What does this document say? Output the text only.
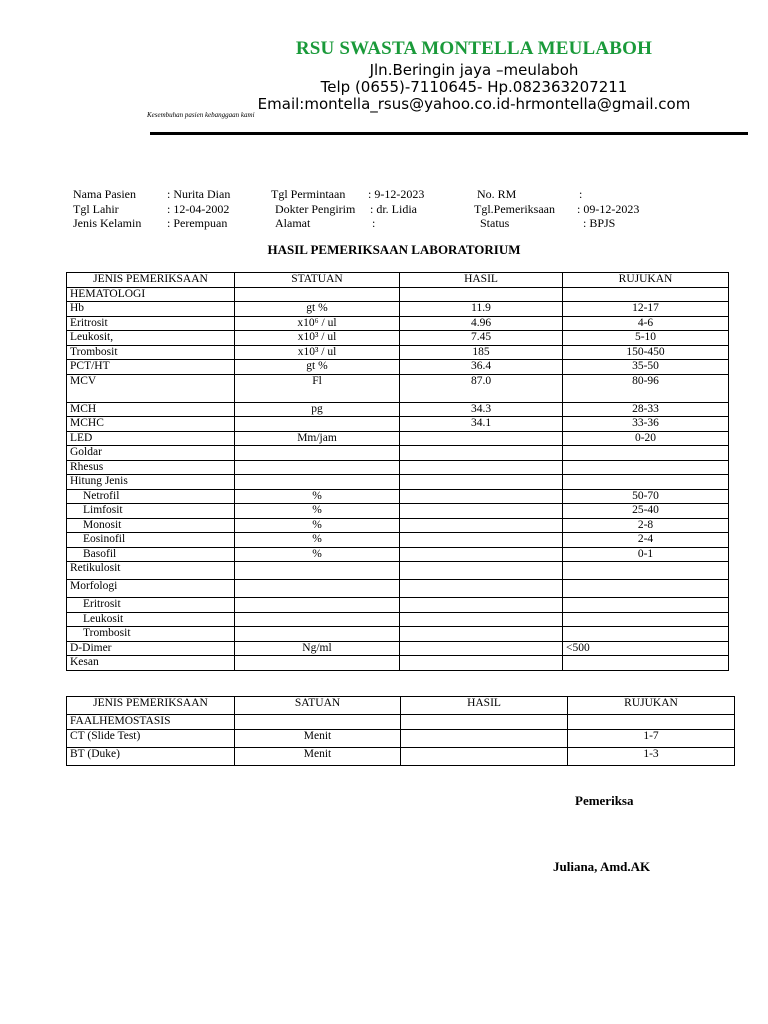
RSU SWASTA MONTELLA MEULABOH
Jln.Beringin jaya –meulaboh
Telp (0655)-7110645- Hp.082363207211
Email:montella_rsus@yahoo.co.id-hrmontella@gmail.com
Kesembuhan pasien kebanggaan kami
Nama Pasien	: Nurita Dian
Tgl Lahir	: 12-04-2002
Jenis Kelamin : Perempuan
Tgl Permintaan : 9-12-2023
Dokter Pengirim : dr. Lidia
Alamat	:
No. RM	:
Tgl.Pemeriksaan : 09-12-2023
Status	: BPJS
HASIL PEMERIKSAAN LABORATORIUM
JENIS PEMERIKSAAN	STATUAN	HASIL	RUJUKAN
HEMATOLOGI			
Hb	gt %	11.9	12-17
Eritrosit	x10⁶ / ul	4.96	4-6
Leukosit,	x10³ / ul	7.45	5-10
Trombosit	x10³ / ul	185	150-450
PCT/HT	gt %	36.4	35-50
MCV	Fl	87.0	80-96
MCH	pg	34.3	28-33
MCHC		34.1	33-36
LED	Mm/jam		0-20
Goldar			
Rhesus			
Hitung Jenis			
Netrofil	%		50-70
Limfosit	%		25-40
Monosit	%		2-8
Eosinofil	%		2-4
Basofil	%		0-1
Retikulosit			
Morfologi			
Eritrosit			
Leukosit			
Trombosit			
D-Dimer	Ng/ml		<500
Kesan			
JENIS PEMERIKSAAN	SATUAN	HASIL	RUJUKAN
FAALHEMOSTASIS			
CT (Slide Test)	Menit		1-7
BT (Duke)	Menit		1-3
Pemeriksa
Juliana, Amd.AK
